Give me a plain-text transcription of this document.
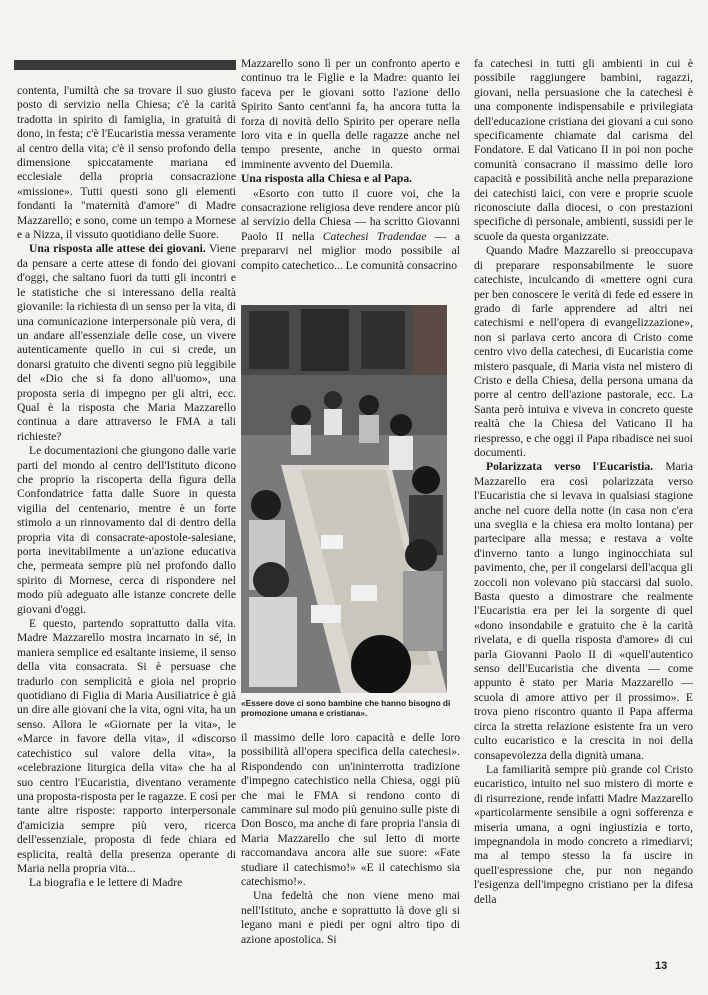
contenta, l'umiltà che sa trovare il suo giusto posto di servizio nella Chiesa; c'è la carità tradotta in spirito di famiglia, in gratuità di dono, in festa; c'è l'Eucaristia messa veramente al centro della vita; c'è il senso profondo della dimensione spiccatamente mariana ed ecclesiale della propria consacrazione «missione». Tutti questi sono gli elementi fondanti la "maternità d'amore" di Madre Mazzarello; e sono, come un tempo a Mornese e a Nizza, il vissuto quotidiano delle Suore.

Una risposta alle attese dei giovani. Viene da pensare a certe attese di fondo dei giovani d'oggi, che saltano fuori da tutti gli incontri e le statistiche che si interessano della realtà giovanile: la richiesta di un senso per la vita, di una comunicazione interpersonale più vera, di un andare all'essenziale delle cose, un vivere autenticamente quello in cui si crede, un donarsi gratuito che diventi segno più leggibile del «Dio che si fa dono all'uomo», una proposta seria di impegno per gli altri, ecc. Qual è la risposta che Maria Mazzarello continua a dare attraverso le FMA a tali richieste?

Le documentazioni che giungono dalle varie parti del mondo al centro dell'Istituto dicono che proprio la riscoperta della figura della Confondatrice fatta dalle Suore in questa vigilia del centenario, mentre è un forte stimolo a un rinnovamento dal di dentro della propria vita di consacrate-apostole-salesiane, porta inevitabilmente a un'azione educativa che, permeata sempre più nel profondo dallo spirito di Mornese, cerca di rispondere nel modo più adeguato alle istanze concrete delle giovani d'oggi.

E questo, partendo soprattutto dalla vita. Madre Mazzarello mostra incarnato in sé, in maniera semplice ed esaltante insieme, il senso della vita consacrata. Si è persuase che tradurlo con semplicità e gioia nel proprio quotidiano di Figlia di Maria Ausiliatrice è già un dire alle giovani che la vita, ogni vita, ha un senso. Allora le «Giornate per la vita», le «Marce in favore della vita», il «discorso catechistico sul valore della vita», la «celebrazione liturgica della vita» che ha al suo centro l'Eucaristia, diventano veramente una proposta-risposta per le ragazze. E così per tante altre risposte: rapporto interpersonale d'amicizia sempre più vero, ricerca dell'essenziale, proposta di fede chiara ed esplicita, realtà della presenza operante di Maria nella propria vita...

La biografia e le lettere di Madre

Mazzarello sono lì per un confronto aperto e continuo tra le Figlie e la Madre: quanto lei faceva per le giovani sotto l'azione dello Spirito Santo cent'anni fa, ha ancora tutta la forza di novità dello Spirito per operare nella loro vita e in quella delle ragazze anche nel tempo presente, anche in questo ormai imminente avvento del Duemila.

Una risposta alla Chiesa e al Papa.

«Esorto con tutto il cuore voi, che la consacrazione religiosa deve rendere ancor più al servizio della Chiesa — ha scritto Giovanni Paolo II nella Catechesi Tradendae — a prepararvi nel miglior modo possibile al compito catechetico... Le comunità consacrino

il massimo delle loro capacità e delle loro possibilità all'opera specifica della catechesi». Rispondendo con un'ininterrotta tradizione d'impegno catechistico nella Chiesa, oggi più che mai le FMA si rendono conto di camminare sul modo più genuino sulle piste di Don Bosco, ma anche di fare propria l'ansia di Maria Mazzarello che sul letto di morte raccomandava ancora alle sue suore: «Fate studiare il catechismo!» «E il catechismo sia catechismo!».

Una fedeltà che non viene meno mai nell'Istituto, anche e soprattutto là dove gli si legano mani e piedi per ogni altro tipo di azione apostolica. Si

«Essere dove ci sono bambine che hanno bisogno di promozione umana e cristiana».

fa catechesi in tutti gli ambienti in cui è possibile raggiungere bambini, ragazzi, giovani, nella persuasione che la catechesi è una componente indispensabile e privilegiata dell'educazione cristiana dei giovani a cui sono specificamente chiamate dal carisma del Fondatore. E dal Vaticano II in poi non poche comunità consacrano il massimo delle loro capacità e possibilità anche nella preparazione dei catechisti laici, con vere e proprie scuole riconosciute dalla diocesi, o con prestazioni specifiche di personale, ambienti, sussidi per le scuole da questa organizzate.

Quando Madre Mazzarello si preoccupava di preparare responsabilmente le suore catechiste, inculcando di «mettere ogni cura per ben conoscere le verità di fede ed essere in grado di farle apprendere ad altri nei catechismi e nell'opera di evangelizzazione», non si parlava certo ancora di Cristo come centro vivo della catechesi, di Eucaristia come mistero pasquale, di Maria vista nel mistero di Cristo e della Chiesa, della persona umana da porre al centro dell'azione pastorale, ecc. La Santa però intuiva e viveva in concreto queste realtà che la Chiesa del Vaticano II ha riespresso, e che oggi il Papa ribadisce nei suoi documenti.

Polarizzata verso l'Eucaristia. Maria Mazzarello era così polarizzata verso l'Eucaristia che si levava in qualsiasi stagione anche nel cuore della notte (in casa non c'era una sveglia e la chiesa era molto lontana) per partecipare alla messa; e restava a volte d'inverno tanto a lungo inginocchiata sul pavimento, che, per il congelarsi dell'acqua gli zoccoli non volevano più staccarsi dal suolo. Basta questo a dimostrare che realmente l'Eucaristia era per lei la sorgente di quel «dono insondabile e gratuito che è la carità rivelata, e di quella risposta d'amore» di cui parla Giovanni Paolo II di «quell'autentico senso dell'Eucaristia che diventa — come appunto è stato per Maria Mazzarello — scuola di amore attivo per il prossimo». E trova pieno riscontro quanto il Papa afferma circa la stretta relazione esistente fra un vero culto eucaristico e la crescita in noi della consapevolezza della dignità umana.

La familiarità sempre più grande col Cristo eucaristico, intuito nel suo mistero di morte e di risurrezione, rende infatti Madre Mazzarello «particolarmente sensibile a ogni sofferenza e miseria umana, a ogni ingiustizia e torto, impegnandola in modo concreto a rimediarvi; ma al tempo stesso la fa uscire in quell'espressione che, pur non negando l'esigenza dell'impegno cristiano per la difesa della

13
